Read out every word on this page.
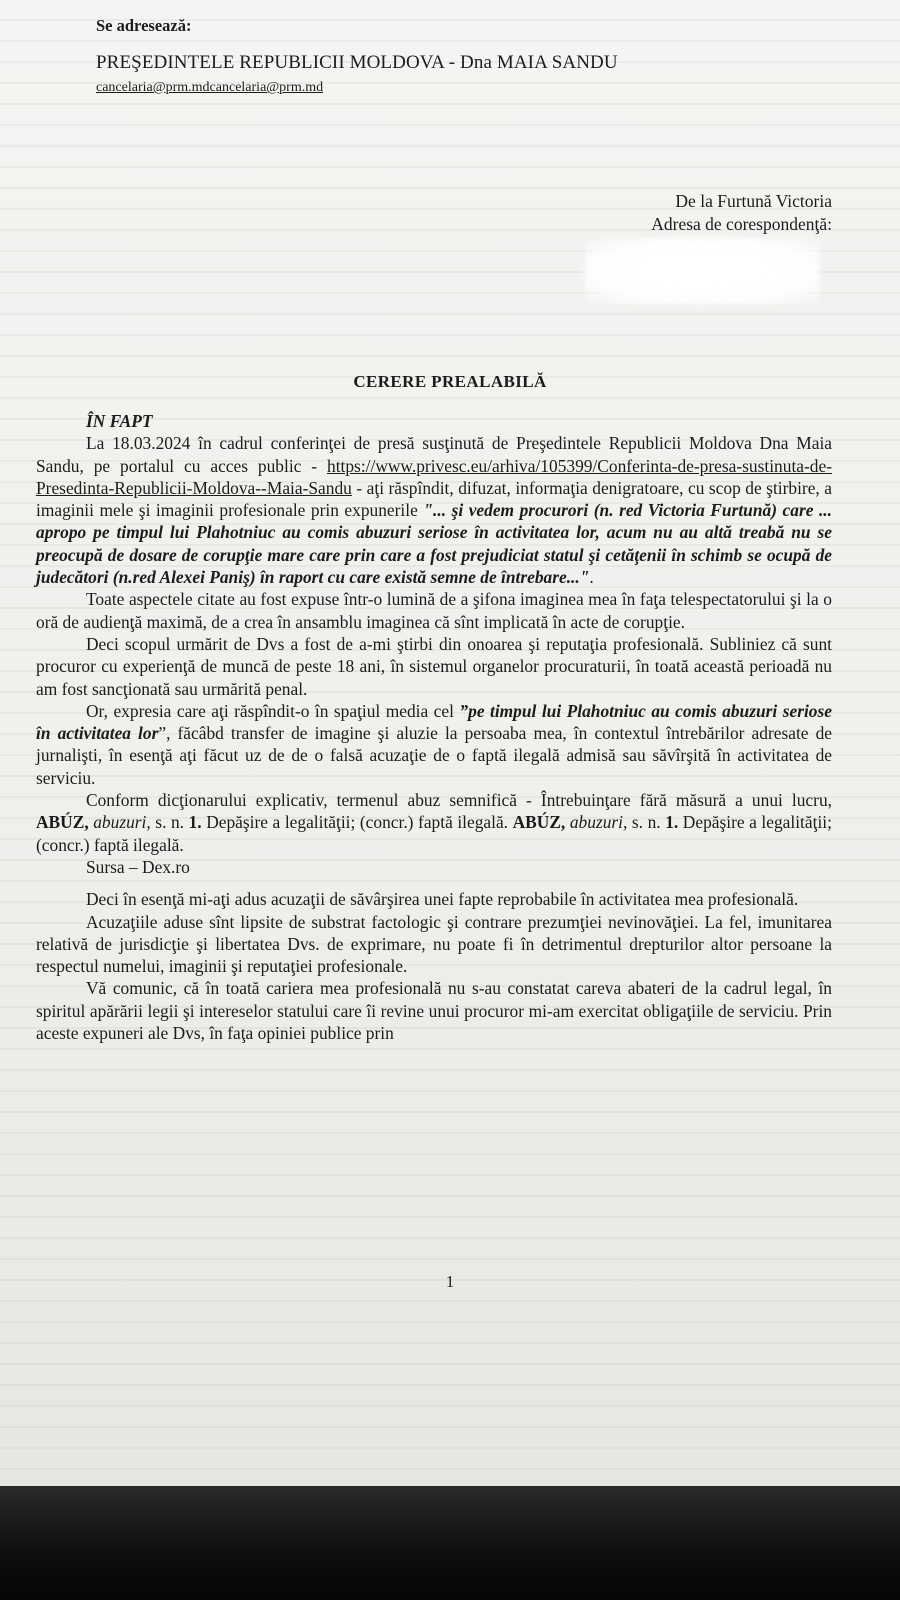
Se adresează:
PREŞEDINTELE REPUBLICII MOLDOVA - Dna MAIA SANDU
cancelaria@prm.mdcancelaria@prm.md
De la Furtună Victoria
Adresa de corespondenţă:
CERERE PREALABILĂ

ÎN FAPT

La 18.03.2024 în cadrul conferinţei de presă susţinută de Preşedintele Republicii Moldova Dna Maia Sandu, pe portalul cu acces public - https://www.privesc.eu/arhiva/105399/Conferinta-de-presa-sustinuta-de-Presedinta-Republicii-Moldova--Maia-Sandu - aţi răspîndit, difuzat, informaţia denigratoare, cu scop de ştirbire, a imaginii mele şi imaginii profesionale prin expunerile "... şi vedem procurori (n. red Victoria Furtună) care ... apropo pe timpul lui Plahotniuc au comis abuzuri seriose în activitatea lor, acum nu au altă treabă nu se preocupă de dosare de corupţie mare care prin care a fost prejudiciat statul şi cetăţenii în schimb se ocupă de judecători (n.red Alexei Paniş) în raport cu care există semne de întrebare...".

Toate aspectele citate au fost expuse într-o lumină de a şifona imaginea mea în faţa telespectatorului şi la o oră de audienţă maximă, de a crea în ansamblu imaginea că sînt implicată în acte de corupţie.

Deci scopul urmărit de Dvs a fost de a-mi ştirbi din onoarea şi reputaţia profesională. Subliniez că sunt procuror cu experienţă de muncă de peste 18 ani, în sistemul organelor procuraturii, în toată această perioadă nu am fost sancţionată sau urmărită penal.

Or, expresia care aţi răspîndit-o în spaţiul media cel ”pe timpul lui Plahotniuc au comis abuzuri seriose în activitatea lor”, făcâbd transfer de imagine şi aluzie la persoaba mea, în contextul întrebărilor adresate de jurnalişti, în esenţă aţi făcut uz de de o falsă acuzaţie de o faptă ilegală admisă sau săvîrşită în activitatea de serviciu.

Conform dicţionarului explicativ, termenul abuz semnifică - Întrebuinţare fără măsură a unui lucru, ABÚZ, abuzuri, s. n. 1. Depăşire a legalităţii; (concr.) faptă ilegală. ABÚZ, abuzuri, s. n. 1. Depăşire a legalităţii; (concr.) faptă ilegală.

Sursa – Dex.ro

Deci în esenţă mi-aţi adus acuzaţii de săvârşirea unei fapte reprobabile în activitatea mea profesională.

Acuzaţiile aduse sînt lipsite de substrat factologic şi contrare prezumţiei nevinovăţiei. La fel, imunitarea relativă de jurisdicţie şi libertatea Dvs. de exprimare, nu poate fi în detrimentul drepturilor altor persoane la respectul numelui, imaginii şi reputaţiei profesionale.

Vă comunic, că în toată cariera mea profesională nu s-au constatat careva abateri de la cadrul legal, în spiritul apărării legii şi intereselor statului care îi revine unui procuror mi-am exercitat obligaţiile de serviciu. Prin aceste expuneri ale Dvs, în faţa opiniei publice prin

1
